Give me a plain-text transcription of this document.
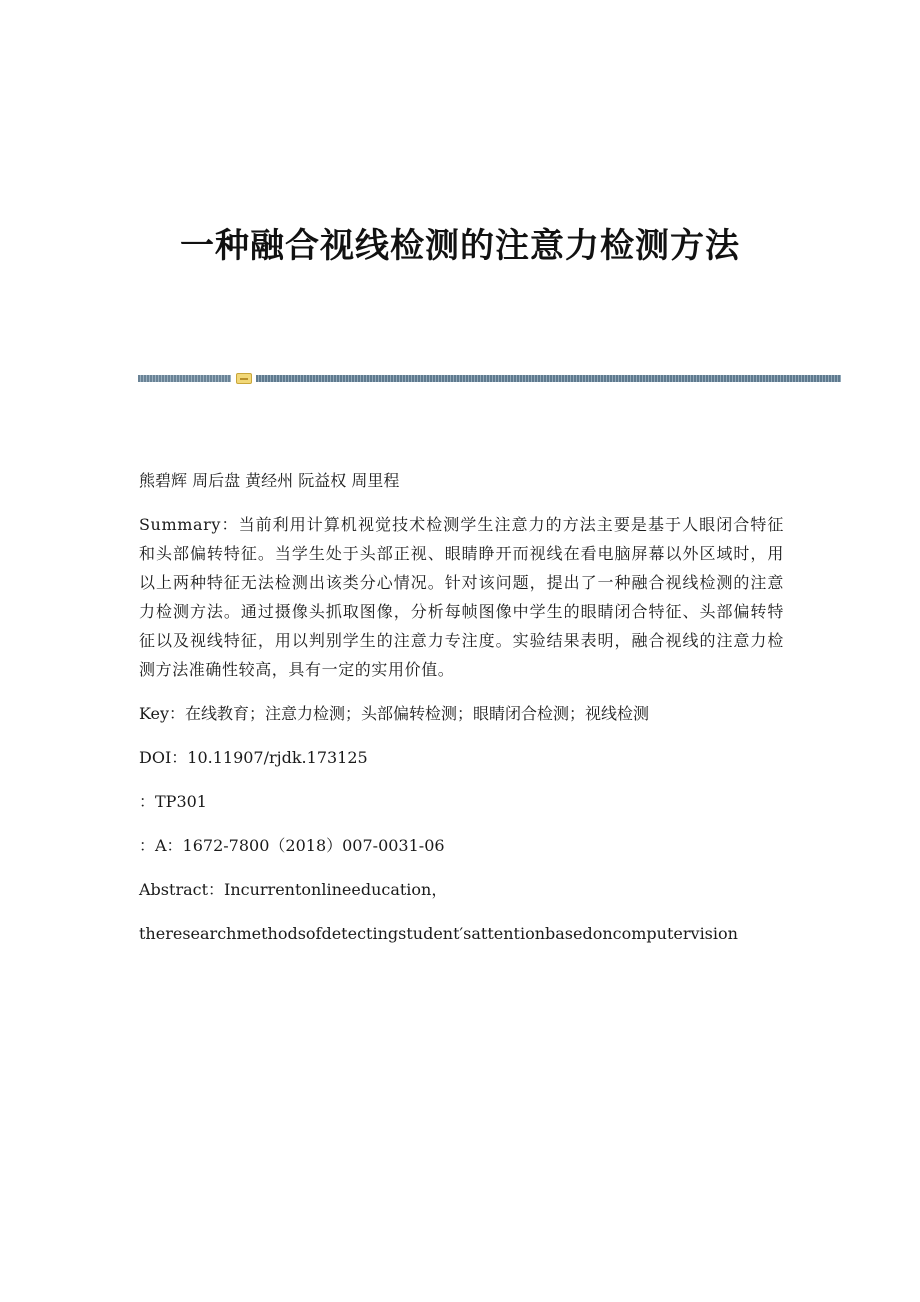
一种融合视线检测的注意力检测方法

熊碧辉 周后盘 黄经州 阮益权 周里程

Summary：当前利用计算机视觉技术检测学生注意力的方法主要是基于人眼闭合特征和头部偏转特征。当学生处于头部正视、眼睛睁开而视线在看电脑屏幕以外区域时，用以上两种特征无法检测出该类分心情况。针对该问题，提出了一种融合视线检测的注意力检测方法。通过摄像头抓取图像，分析每帧图像中学生的眼睛闭合特征、头部偏转特征以及视线特征，用以判别学生的注意力专注度。实验结果表明，融合视线的注意力检测方法准确性较高，具有一定的实用价值。

Key：在线教育；注意力检测；头部偏转检测；眼睛闭合检测；视线检测

DOI：10.11907/rjdk.173125

：TP301

：A：1672-7800（2018）007-0031-06

Abstract：Incurrentonlineeducation，

theresearchmethodsofdetectingstudent′sattentionbasedoncomputervision
